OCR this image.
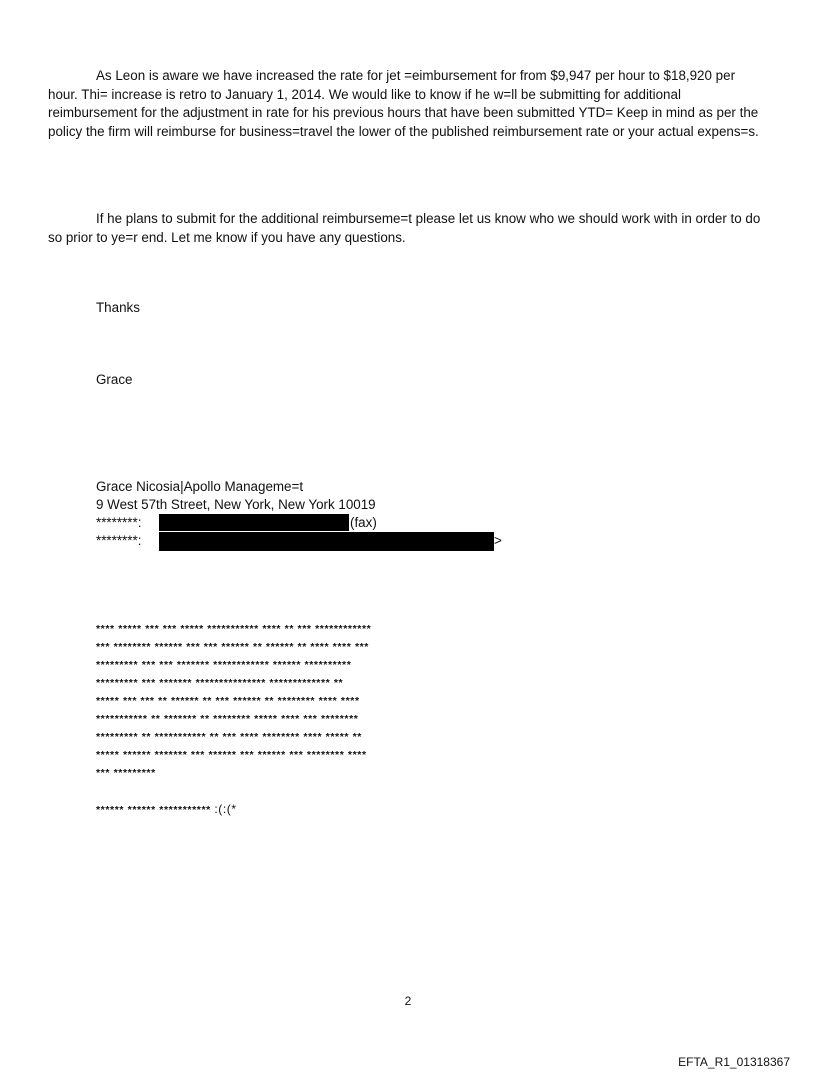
As Leon is aware we have increased the rate for jet =eimbursement for from $9,947 per hour to $18,920 per hour. Thi= increase is retro to January 1, 2014. We would like to know if he w=ll be submitting for additional reimbursement for the adjustment in rate for his previous hours that have been submitted YTD= Keep in mind as per the policy the firm will reimburse for business=travel the lower of the published reimbursement rate or your actual expens=s.

If he plans to submit for the additional reimburseme=t please let us know who we should work with in order to do so prior to ye=r end. Let me know if you have any questions.

Thanks
Grace
Grace Nicosia|Apollo Manageme=t
9 West 57th Street, New York, New York 10019
********:	(fax)
********:	>
**** ***** *** *** ***** *********** **** ** *** ************
*** ******** ****** *** *** ****** ** ****** ** **** **** ***
********* *** *** ******* ************ ****** **********
********* *** ******* *************** ************* **
***** *** *** ** ****** ** *** ****** ** ******** **** ****
*********** ** ******* ** ******** ***** **** *** ********
********* ** *********** ** *** **** ******** **** ***** **
***** ****** ******* *** ****** *** ****** *** ******** ****
*** *********
****** ****** *********** :(:(*
2
EFTA_R1_01318367
